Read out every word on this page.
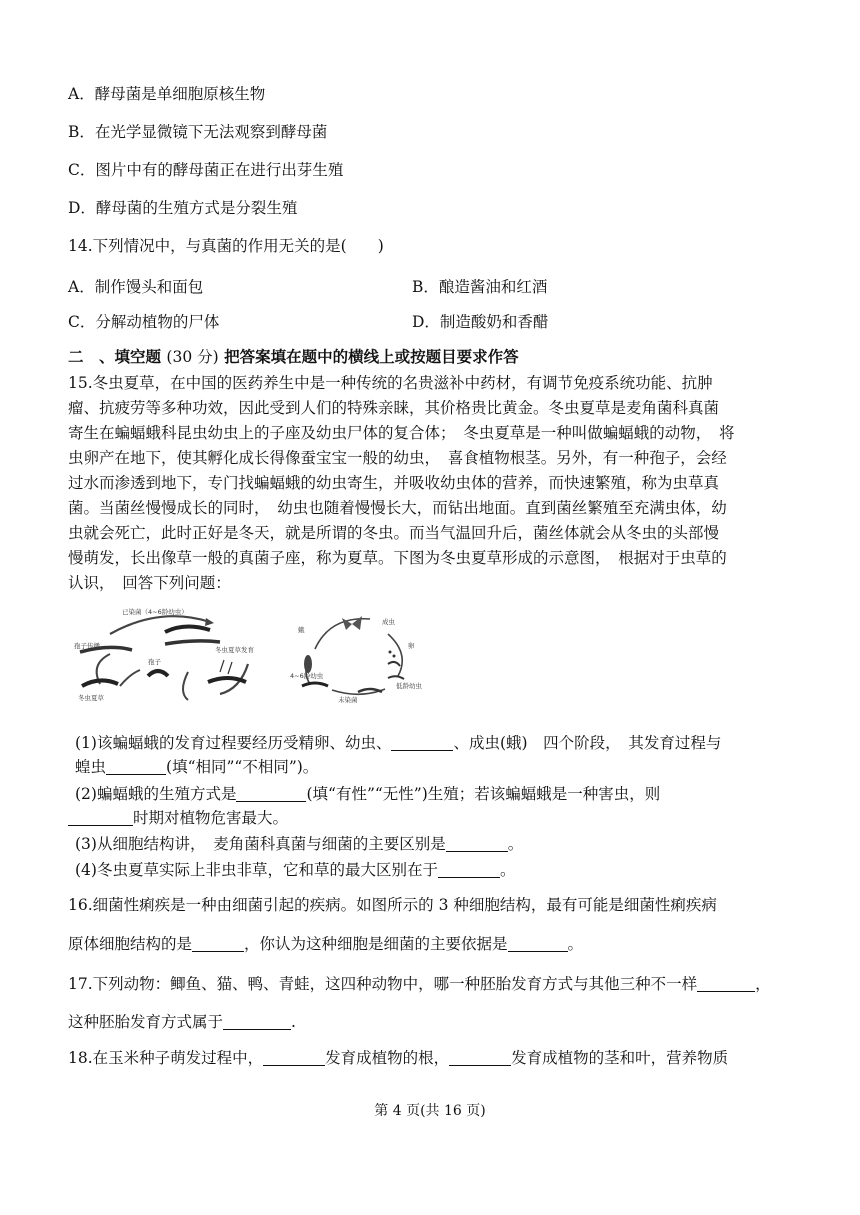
A．酵母菌是单细胞原核生物
B．在光学显微镜下无法观察到酵母菌
C．图片中有的酵母菌正在进行出芽生殖
D．酵母菌的生殖方式是分裂生殖
14.下列情况中，与真菌的作用无关的是(　　)
A．制作馒头和面包	B．酿造酱油和红酒
C．分解动植物的尸体	D．制造酸奶和香醋
二　、填空题 (30 分) 把答案填在题中的横线上或按题目要求作答
15.冬虫夏草，在中国的医药养生中是一种传统的名贵滋补中药材，有调节免疫系统功能、抗肿
瘤、抗疲劳等多种功效，因此受到人们的特殊亲睐，其价格贵比黄金。冬虫夏草是麦角菌科真菌
寄生在蝙蝠蛾科昆虫幼虫上的子座及幼虫尸体的复合体；　冬虫夏草是一种叫做蝙蝠蛾的动物，　将
虫卵产在地下，使其孵化成长得像蚕宝宝一般的幼虫，　喜食植物根茎。另外，有一种孢子，会经
过水而渗透到地下，专门找蝙蝠蛾的幼虫寄生，并吸收幼虫体的营养，而快速繁殖，称为虫草真
菌。当菌丝慢慢成长的同时，　幼虫也随着慢慢长大，而钻出地面。直到菌丝繁殖至充满虫体，幼
虫就会死亡，此时正好是冬天，就是所谓的冬虫。而当气温回升后，菌丝体就会从冬虫的头部慢
慢萌发，长出像草一般的真菌子座，称为夏草。下图为冬虫夏草形成的示意图，　根据对于虫草的
认识，　回答下列问题：
已染菌（4~6龄幼虫）
孢子传播	冬虫夏草发育
孢子
冬虫夏草
蛾
成虫
卵
4~6龄幼虫
未染菌
低龄幼虫
(1)该蝙蝠蛾的发育过程要经历受精卵、幼虫、	、成虫(蛾)　四个阶段，　其发育过程与
蝗虫	(填“相同”“不相同”)。
(2)蝙蝠蛾的生殖方式是	(填“有性”“无性”)生殖；若该蝙蝠蛾是一种害虫，则
时期对植物危害最大。
(3)从细胞结构讲，　麦角菌科真菌与细菌的主要区别是	。
(4)冬虫夏草实际上非虫非草，它和草的最大区别在于	。
16.细菌性痢疾是一种由细菌引起的疾病。如图所示的 3 种细胞结构，最有可能是细菌性痢疾病
原体细胞结构的是	，你认为这种细胞是细菌的主要依据是	。
17.下列动物：鲫鱼、猫、鸭、青蛙，这四种动物中，哪一种胚胎发育方式与其他三种不一样	，
这种胚胎发育方式属于	.
18.在玉米种子萌发过程中，	发育成植物的根，	发育成植物的茎和叶，营养物质
第 4 页(共 16 页)
